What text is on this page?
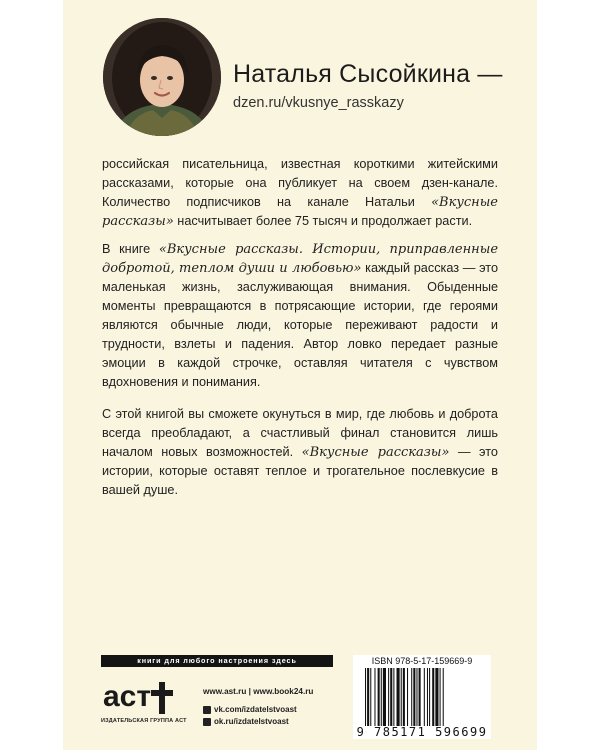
Наталья Сысойкина —
dzen.ru/vkusnye_rasskazy
российская писательница, известная короткими житейскими рассказами, которые она публикует на своем дзен-канале. Количество подписчиков на канале Натальи «Вкусные рассказы» насчитывает более 75 тысяч и продолжает расти.
В книге «Вкусные рассказы. Истории, приправленные добротой, теплом души и любовью» каждый рассказ — это маленькая жизнь, заслуживающая внимания. Обыденные моменты превращаются в потрясающие истории, где героями являются обычные люди, которые переживают радости и трудности, взлеты и падения. Автор ловко передает разные эмоции в каждой строчке, оставляя читателя с чувством вдохновения и понимания.
С этой книгой вы сможете окунуться в мир, где любовь и доброта всегда преобладают, а счастливый финал становится лишь началом новых возможностей. «Вкусные рассказы» — это истории, которые оставят теплое и трогательное послевкусие в вашей душе.
книги для любого настроения здесь
аст
ИЗДАТЕЛЬСКАЯ ГРУППА АСТ
www.ast.ru | www.book24.ru
vk.com/izdatelstvoast
ok.ru/izdatelstvoast
ISBN 978-5-17-159669-9
9 785171 596699
